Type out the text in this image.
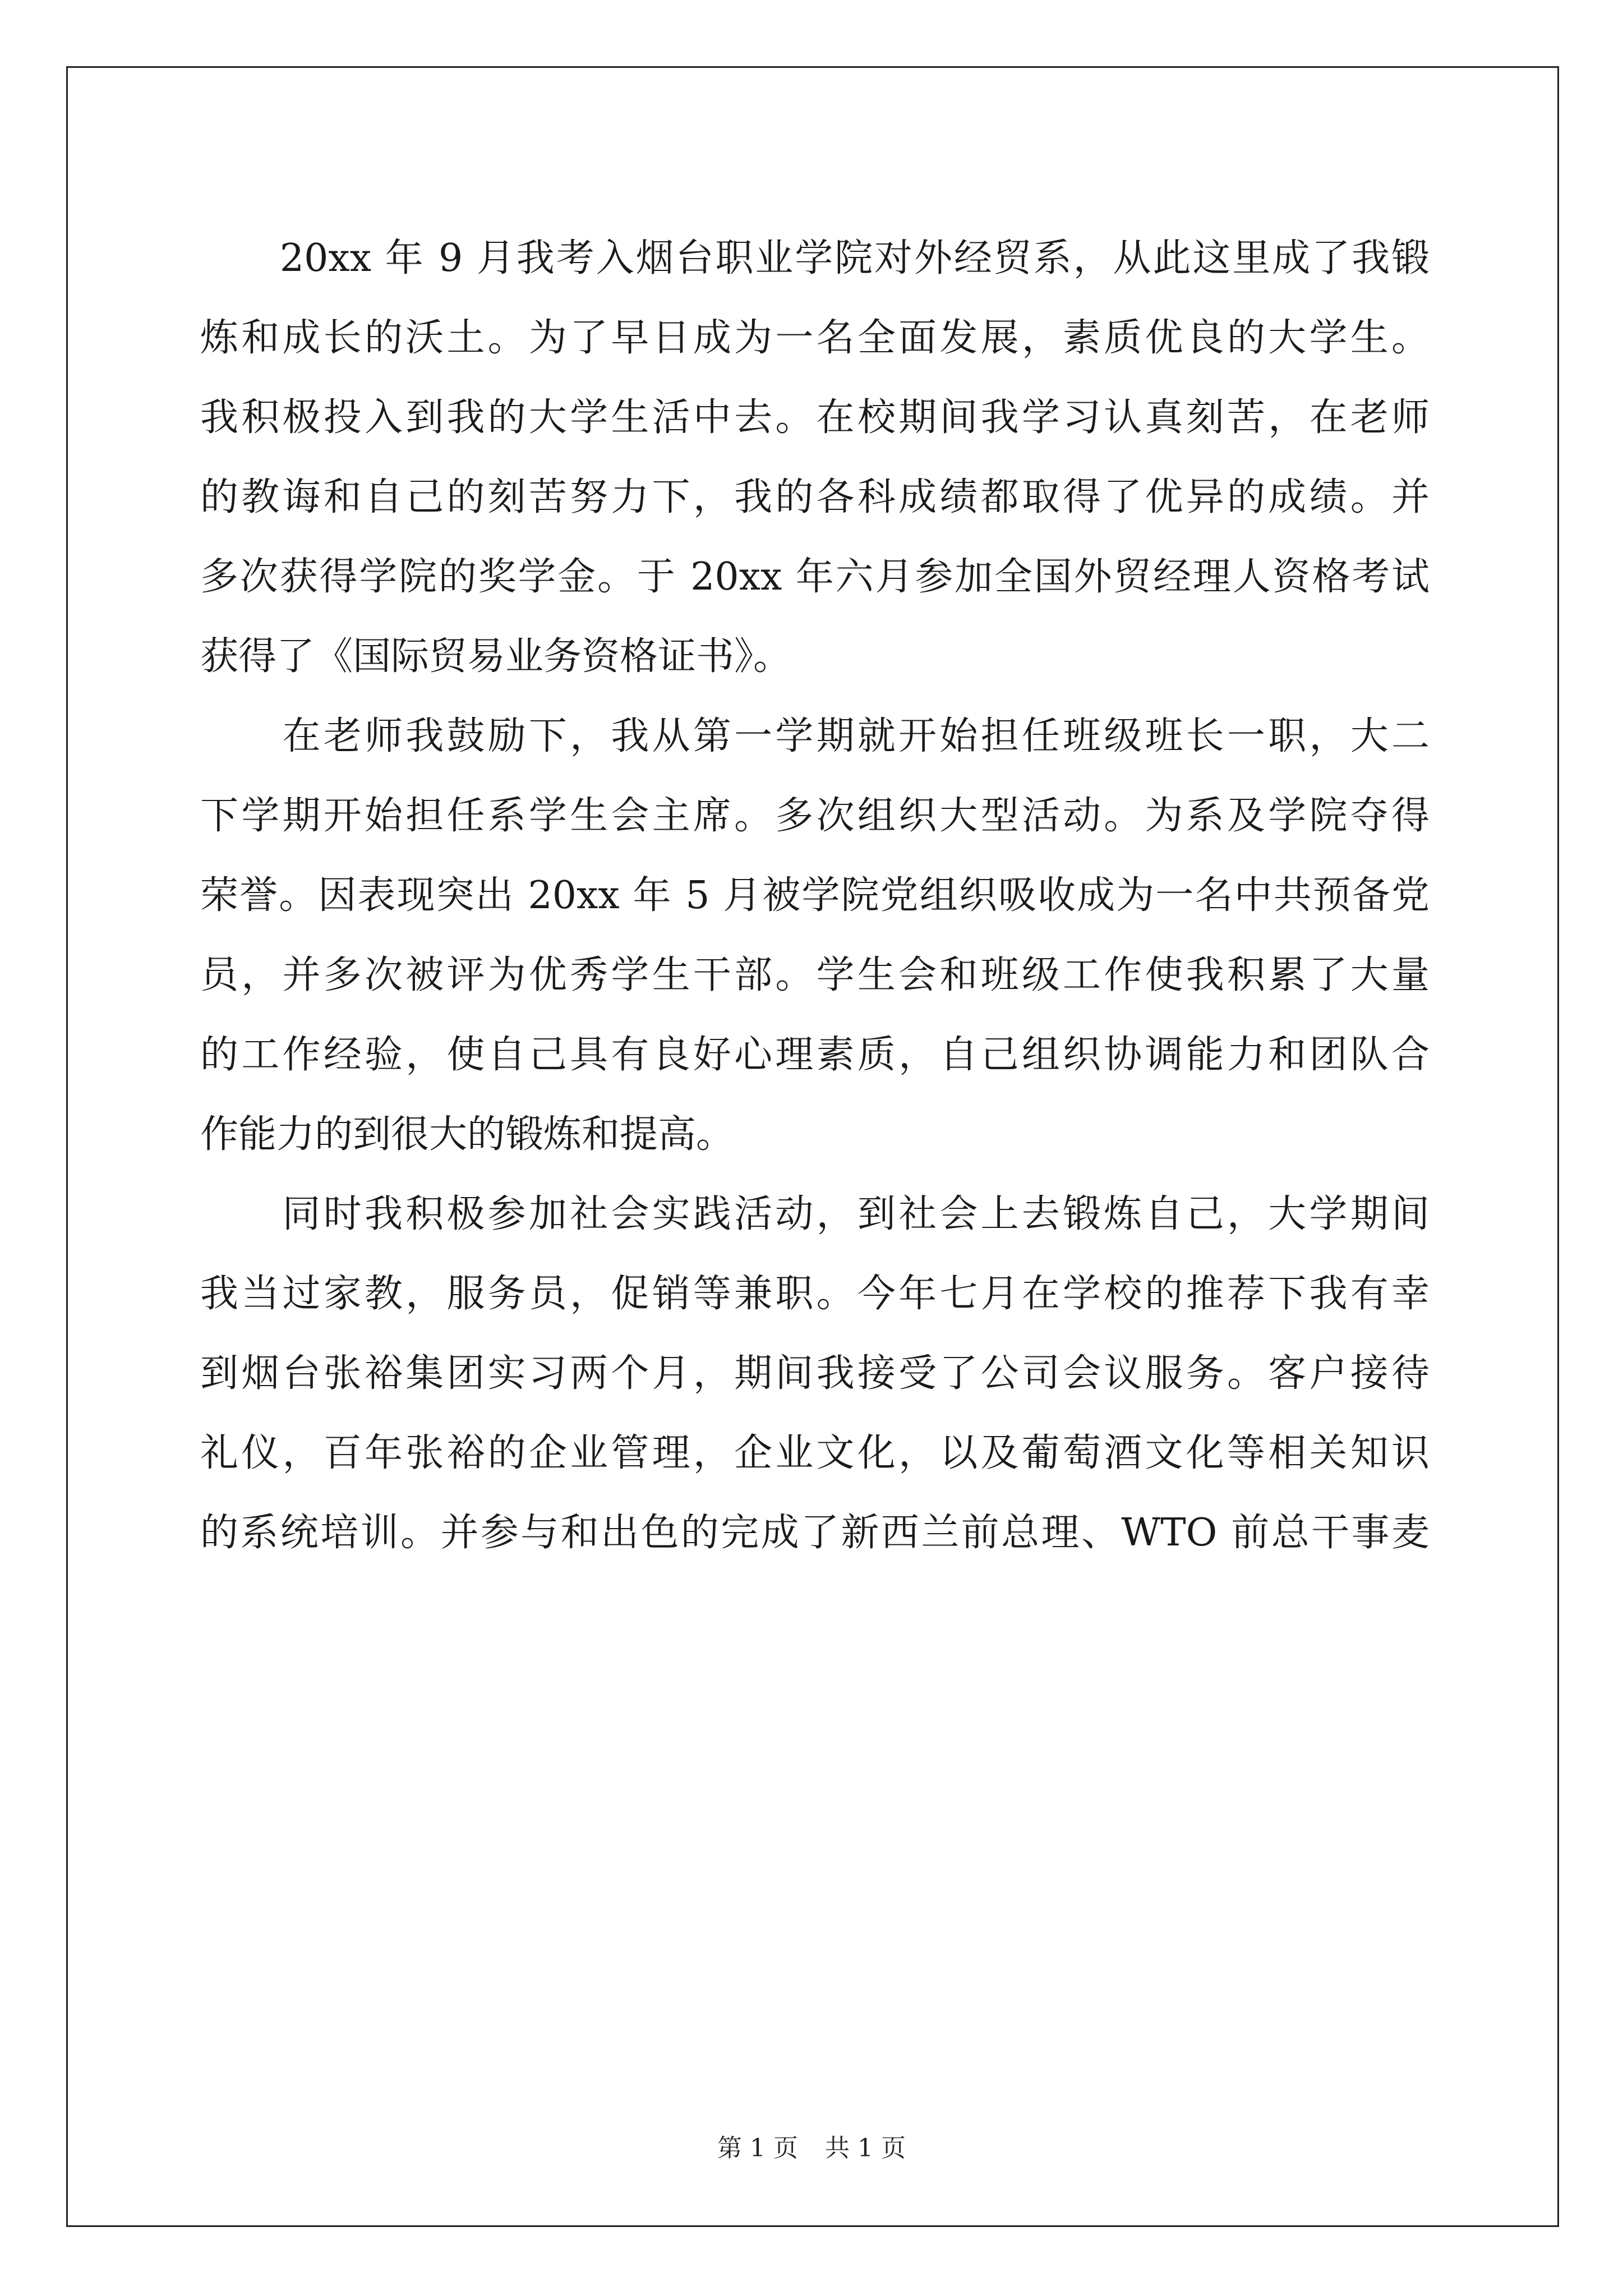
　　20xx 年 9 月我考入烟台职业学院对外经贸系，从此这里成了我锻
炼和成长的沃土。为了早日成为一名全面发展，素质优良的大学生。
我积极投入到我的大学生活中去。在校期间我学习认真刻苦，在老师
的教诲和自己的刻苦努力下，我的各科成绩都取得了优异的成绩。并
多次获得学院的奖学金。于 20xx 年六月参加全国外贸经理人资格考试
获得了《国际贸易业务资格证书》。
　　在老师我鼓励下，我从第一学期就开始担任班级班长一职，大二
下学期开始担任系学生会主席。多次组织大型活动。为系及学院夺得
荣誉。因表现突出 20xx 年 5 月被学院党组织吸收成为一名中共预备党
员，并多次被评为优秀学生干部。学生会和班级工作使我积累了大量
的工作经验，使自己具有良好心理素质，自己组织协调能力和团队合
作能力的到很大的锻炼和提高。
　　同时我积极参加社会实践活动，到社会上去锻炼自己，大学期间
我当过家教，服务员，促销等兼职。今年七月在学校的推荐下我有幸
到烟台张裕集团实习两个月，期间我接受了公司会议服务。客户接待
礼仪，百年张裕的企业管理，企业文化，以及葡萄酒文化等相关知识
的系统培训。并参与和出色的完成了新西兰前总理、WTO 前总干事麦
第 1 页 共 1 页
